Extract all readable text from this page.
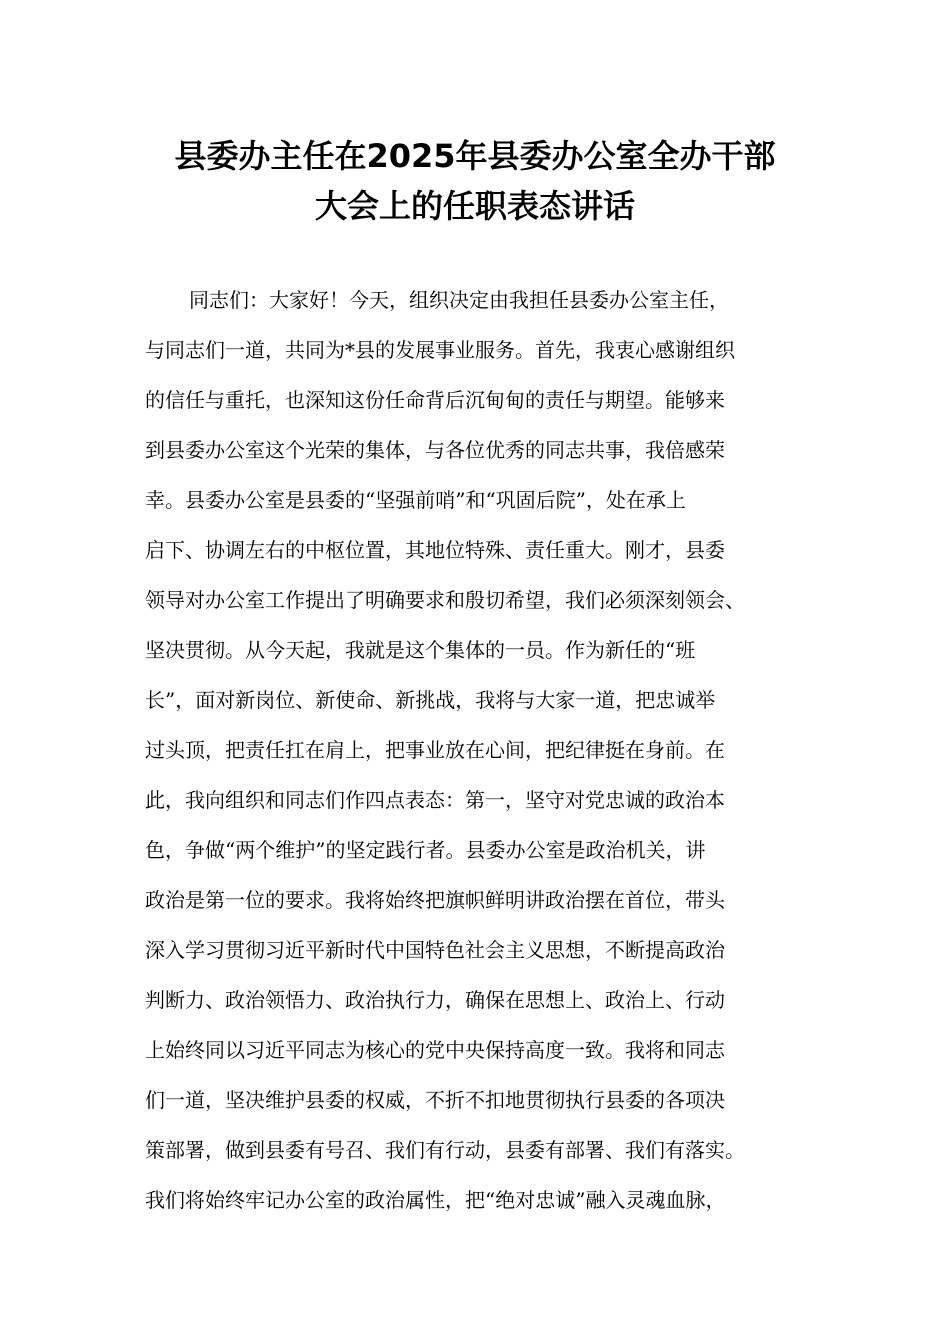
县委办主任在2025年县委办公室全办干部
大会上的任职表态讲话
同志们：大家好！今天，组织决定由我担任县委办公室主任，
与同志们一道，共同为*县的发展事业服务。首先，我衷心感谢组织
的信任与重托，也深知这份任命背后沉甸甸的责任与期望。能够来
到县委办公室这个光荣的集体，与各位优秀的同志共事，我倍感荣
幸。县委办公室是县委的“坚强前哨”和“巩固后院”，处在承上
启下、协调左右的中枢位置，其地位特殊、责任重大。刚才，县委
领导对办公室工作提出了明确要求和殷切希望，我们必须深刻领会、
坚决贯彻。从今天起，我就是这个集体的一员。作为新任的“班
长”，面对新岗位、新使命、新挑战，我将与大家一道，把忠诚举
过头顶，把责任扛在肩上，把事业放在心间，把纪律挺在身前。在
此，我向组织和同志们作四点表态：第一，坚守对党忠诚的政治本
色，争做“两个维护”的坚定践行者。县委办公室是政治机关，讲
政治是第一位的要求。我将始终把旗帜鲜明讲政治摆在首位，带头
深入学习贯彻习近平新时代中国特色社会主义思想，不断提高政治
判断力、政治领悟力、政治执行力，确保在思想上、政治上、行动
上始终同以习近平同志为核心的党中央保持高度一致。我将和同志
们一道，坚决维护县委的权威，不折不扣地贯彻执行县委的各项决
策部署，做到县委有号召、我们有行动，县委有部署、我们有落实。
我们将始终牢记办公室的政治属性，把“绝对忠诚”融入灵魂血脉，
